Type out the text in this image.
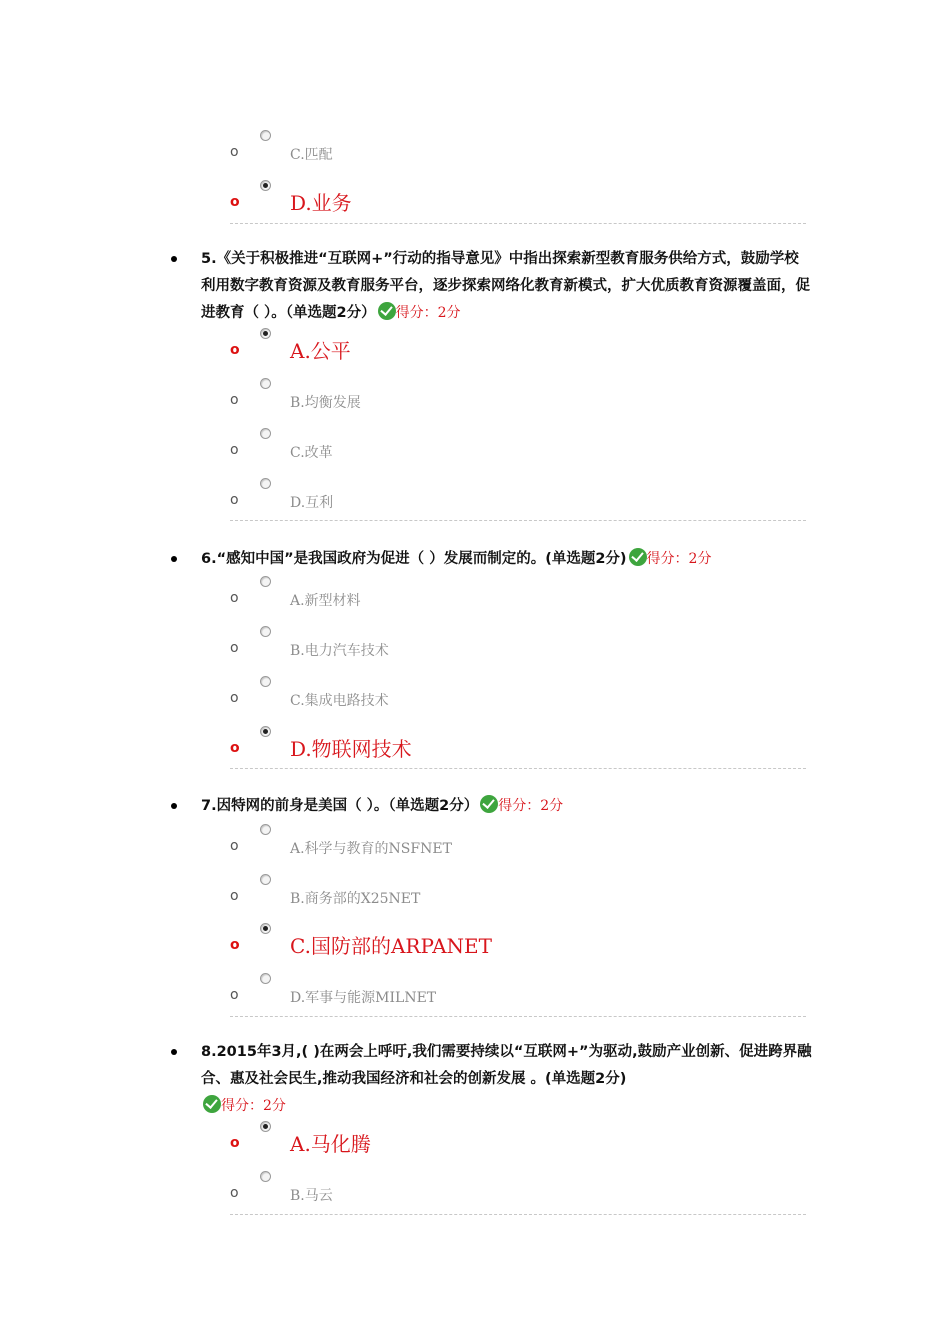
o	C.匹配
o	D.业务
5.《关于积极推进“互联网+”行动的指导意见》中指出探索新型教育服务供给方式，鼓励学校利用数字教育资源及教育服务平台，逐步探索网络化教育新模式，扩大优质教育资源覆盖面，促进教育（ ）。（单选题2分） 得分：2分
o	A.公平
o	B.均衡发展
o	C.改革
o	D.互利
6.“感知中国”是我国政府为促进（ ）发展而制定的。(单选题2分) 得分：2分
o	A.新型材料
o	B.电力汽车技术
o	C.集成电路技术
o	D.物联网技术
7.因特网的前身是美国（ ）。（单选题2分） 得分：2分
o	A.科学与教育的NSFNET
o	B.商务部的X25NET
o	C.国防部的ARPANET
o	D.军事与能源MILNET
8.2015年3月,( )在两会上呼吁,我们需要持续以“互联网+”为驱动,鼓励产业创新、促进跨界融合、惠及社会民生,推动我国经济和社会的创新发展 。(单选题2分)
得分：2分
o	A.马化腾
o	B.马云
